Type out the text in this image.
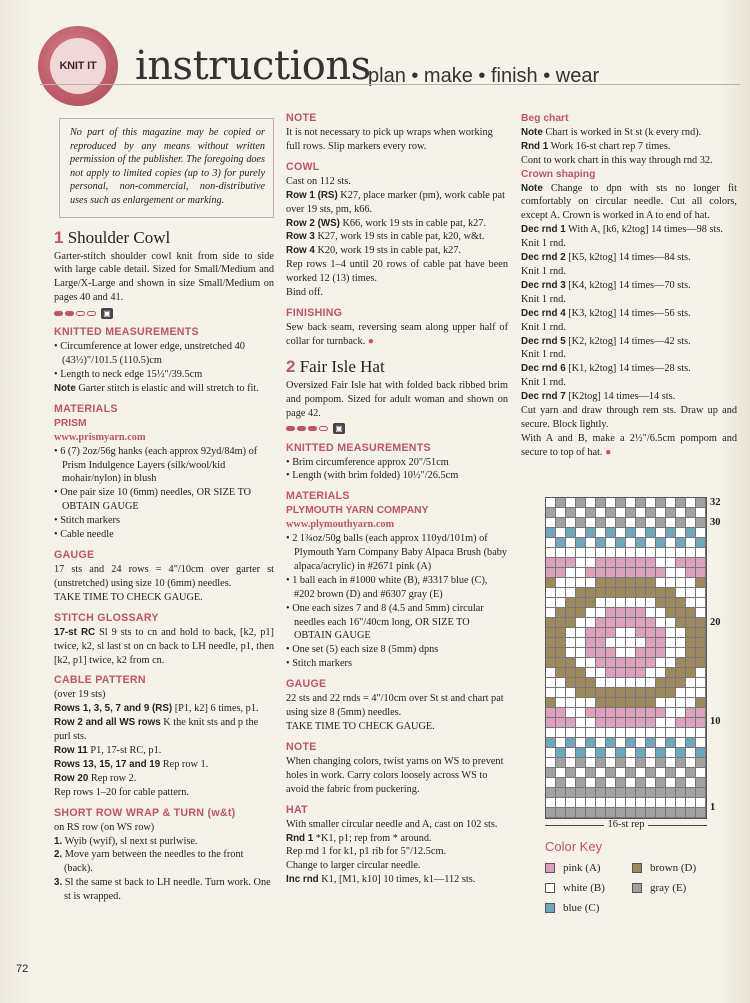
KNIT IT instructions
plan • make • finish • wear
No part of this magazine may be copied or reproduced by any means without written permission of the publisher. The foregoing does not apply to limited copies (up to 3) for purely personal, non-commercial, non-distributive uses such as enlargement or marking.
1 Shoulder Cowl
Garter-stitch shoulder cowl knit from side to side with large cable detail. Sized for Small/Medium and Large/X-Large and shown in size Small/Medium on pages 40 and 41.
▣
KNITTED MEASUREMENTS
• Circumference at lower edge, unstretched 40 (43½)"/101.5 (110.5)cm
• Length to neck edge 15½"/39.5cm
Note Garter stitch is elastic and will stretch to fit.
MATERIALS
PRISM
www.prismyarn.com
• 6 (7) 2oz/56g hanks (each approx 92yd/84m) of Prism Indulgence Layers (silk/wool/kid mohair/nylon) in blush
• One pair size 10 (6mm) needles, OR SIZE TO OBTAIN GAUGE
• Stitch markers
• Cable needle
GAUGE
17 sts and 24 rows = 4"/10cm over garter st (unstretched) using size 10 (6mm) needles.
TAKE TIME TO CHECK GAUGE.
STITCH GLOSSARY
17-st RC Sl 9 sts to cn and hold to back, [k2, p1] twice, k2, sl last st on cn back to LH needle, p1, then [k2, p1] twice, k2 from cn.
CABLE PATTERN
(over 19 sts)
Rows 1, 3, 5, 7 and 9 (RS) [P1, k2] 6 times, p1.
Row 2 and all WS rows K the knit sts and p the purl sts.
Row 11 P1, 17-st RC, p1.
Rows 13, 15, 17 and 19 Rep row 1.
Row 20 Rep row 2.
Rep rows 1–20 for cable pattern.
SHORT ROW WRAP & TURN (w&t)
on RS row (on WS row)
1. Wyib (wyif), sl next st purlwise.
2. Move yarn between the needles to the front (back).
3. Sl the same st back to LH needle. Turn work. One st is wrapped.
NOTE
It is not necessary to pick up wraps when working full rows. Slip markers every row.
COWL
Cast on 112 sts.
Row 1 (RS) K27, place marker (pm), work cable pat over 19 sts, pm, k66.
Row 2 (WS) K66, work 19 sts in cable pat, k27.
Row 3 K27, work 19 sts in cable pat, k20, w&t.
Row 4 K20, work 19 sts in cable pat, k27.
Rep rows 1–4 until 20 rows of cable pat have been worked 12 (13) times.
Bind off.
FINISHING
Sew back seam, reversing seam along upper half of collar for turnback. ●
2 Fair Isle Hat
Oversized Fair Isle hat with folded back ribbed brim and pompom. Sized for adult woman and shown on page 42.
▣
KNITTED MEASUREMENTS
• Brim circumference approx 20"/51cm
• Length (with brim folded) 10½"/26.5cm
MATERIALS
PLYMOUTH YARN COMPANY
www.plymouthyarn.com
• 2 1¾oz/50g balls (each approx 110yd/101m) of Plymouth Yarn Company Baby Alpaca Brush (baby alpaca/acrylic) in #2671 pink (A)
• 1 ball each in #1000 white (B), #3317 blue (C), #202 brown (D) and #6307 gray (E)
• One each sizes 7 and 8 (4.5 and 5mm) circular needles each 16"/40cm long, OR SIZE TO OBTAIN GAUGE
• One set (5) each size 8 (5mm) dpns
• Stitch markers
GAUGE
22 sts and 22 rnds = 4"/10cm over St st and chart pat using size 8 (5mm) needles.
TAKE TIME TO CHECK GAUGE.
NOTE
When changing colors, twist yarns on WS to prevent holes in work. Carry colors loosely across WS to avoid the fabric from puckering.
HAT
With smaller circular needle and A, cast on 102 sts.
Rnd 1 *K1, p1; rep from * around.
Rep rnd 1 for k1, p1 rib for 5"/12.5cm.
Change to larger circular needle.
Inc rnd K1, [M1, k10] 10 times, k1—112 sts.
Beg chart
Note Chart is worked in St st (k every rnd).
Rnd 1 Work 16-st chart rep 7 times.
Cont to work chart in this way through rnd 32.
Crown shaping
Note Change to dpn with sts no longer fit comfortably on circular needle. Cut all colors, except A. Crown is worked in A to end of hat.
Dec rnd 1 With A, [k6, k2tog] 14 times—98 sts.
Knit 1 rnd.
Dec rnd 2 [K5, k2tog] 14 times—84 sts.
Knit 1 rnd.
Dec rnd 3 [K4, k2tog] 14 times—70 sts.
Knit 1 rnd.
Dec rnd 4 [K3, k2tog] 14 times—56 sts.
Knit 1 rnd.
Dec rnd 5 [K2, k2tog] 14 times—42 sts.
Knit 1 rnd.
Dec rnd 6 [K1, k2tog] 14 times—28 sts.
Knit 1 rnd.
Dec rnd 7 [K2tog] 14 times—14 sts.
Cut yarn and draw through rem sts. Draw up and secure. Block lightly.
With A and B, make a 2½"/6.5cm pompom and secure to top of hat. ●
32
30
20
10
1
16-st rep
Color Key
pink (A)
white (B)
blue (C)
brown (D)
gray (E)
72
